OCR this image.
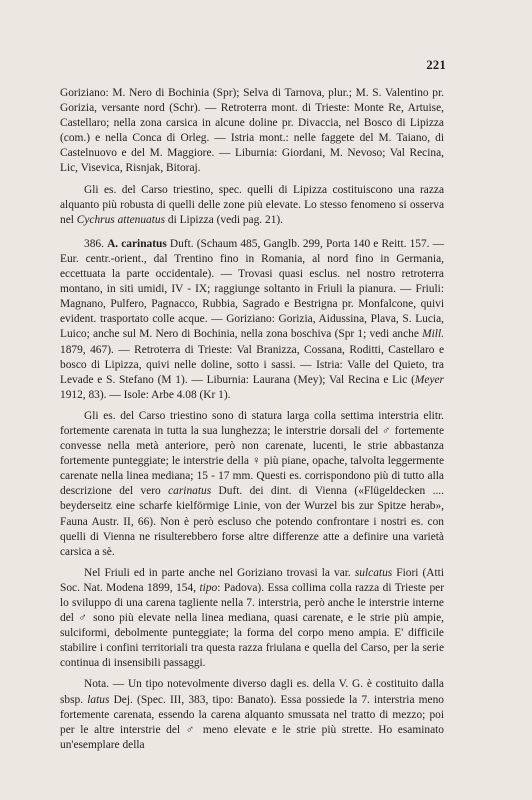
221

Goriziano: M. Nero di Bochinia (Spr); Selva di Tarnova, plur.; M. S. Valentino pr. Gorizia, versante nord (Schr). — Retroterra mont. di Trieste: Monte Re, Artuise, Castellaro; nella zona carsica in alcune doline pr. Divaccia, nel Bosco di Lipizza (com.) e nella Conca di Orleg. — Istria mont.: nelle faggete del M. Taiano, di Castelnuovo e del M. Maggiore. — Liburnia: Giordani, M. Nevoso; Val Recina, Lic, Visevica, Risnjak, Bitoraj.

Gli es. del Carso triestino, spec. quelli di Lipizza costituiscono una razza alquanto più robusta di quelli delle zone più elevate. Lo stesso fenomeno si osserva nel Cychrus attenuatus di Lipizza (vedi pag. 21).

386. A. carinatus Duft. (Schaum 485, Ganglb. 299, Porta 140 e Reitt. 157. — Eur. centr.-orient., dal Trentino fino in Romania, al nord fino in Germania, eccettuata la parte occidentale). — Trovasi quasi esclus. nel nostro retroterra montano, in siti umidi, IV - IX; raggiunge soltanto in Friuli la pianura. — Friuli: Magnano, Pulfero, Pagnacco, Rubbia, Sagrado e Bestrigna pr. Monfalcone, quivi evident. trasportato colle acque. — Goriziano: Gorizia, Aidussina, Plava, S. Lucia, Luico; anche sul M. Nero di Bochinia, nella zona boschiva (Spr 1; vedi anche Mill. 1879, 467). — Retroterra di Trieste: Val Branizza, Cossana, Roditti, Castellaro e bosco di Lipizza, quivi nelle doline, sotto i sassi. — Istria: Valle del Quieto, tra Levade e S. Stefano (M 1). — Liburnia: Laurana (Mey); Val Recina e Lic (Meyer 1912, 83). — Isole: Arbe 4.08 (Kr 1).

Gli es. del Carso triestino sono di statura larga colla settima interstria elitr. fortemente carenata in tutta la sua lunghezza; le interstrie dorsali del ♂ fortemente convesse nella metà anteriore, però non carenate, lucenti, le strie abbastanza fortemente punteggiate; le interstrie della ♀ più piane, opache, talvolta leggermente carenate nella linea mediana; 15 - 17 mm. Questi es. corrispondono più di tutto alla descrizione del vero carinatus Duft. dei dint. di Vienna («Flügeldecken .... beyderseitz eine scharfe kielförmige Linie, von der Wurzel bis zur Spitze herab», Fauna Austr. II, 66). Non è però escluso che potendo confrontare i nostri es. con quelli di Vienna ne risulterebbero forse altre differenze atte a definire una varietà carsica a sè.

Nel Friuli ed in parte anche nel Goriziano trovasi la var. sulcatus Fiori (Atti Soc. Nat. Modena 1899, 154, tipo: Padova). Essa collima colla razza di Trieste per lo sviluppo di una carena tagliente nella 7. interstria, però anche le interstrie interne del ♂ sono più elevate nella linea mediana, quasi carenate, e le strie più ampie, sulciformi, debolmente punteggiate; la forma del corpo meno ampia. E' difficile stabilire i confini territoriali tra questa razza friulana e quella del Carso, per la serie continua di insensibili passaggi.

Nota. — Un tipo notevolmente diverso dagli es. della V. G. è costituito dalla sbsp. latus Dej. (Spec. III, 383, tipo: Banato). Essa possiede la 7. interstria meno fortemente carenata, essendo la carena alquanto smussata nel tratto di mezzo; poi per le altre interstrie del ♂ meno elevate e le strie più strette. Ho esaminato un'esemplare della
